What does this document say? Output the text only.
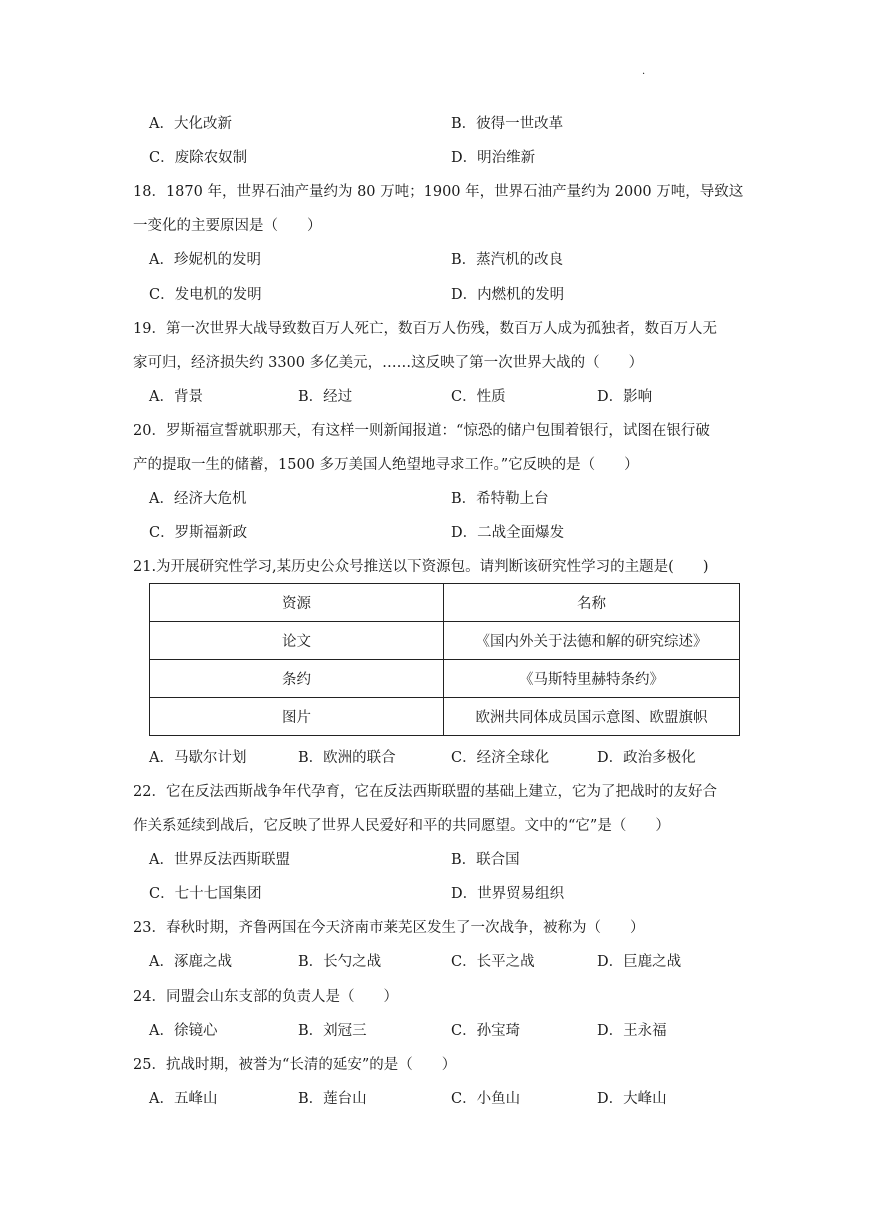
.
A．大化改新	B．彼得一世改革
C．废除农奴制	D．明治维新
18．1870 年，世界石油产量约为 80 万吨；1900 年，世界石油产量约为 2000 万吨，导致这
一变化的主要原因是（　　）
A．珍妮机的发明	B．蒸汽机的改良
C．发电机的发明	D．内燃机的发明
19．第一次世界大战导致数百万人死亡，数百万人伤残，数百万人成为孤独者，数百万人无
家可归，经济损失约 3300 多亿美元，……这反映了第一次世界大战的（　　）
A．背景	B．经过	C．性质	D．影响
20．罗斯福宣誓就职那天，有这样一则新闻报道：“惊恐的储户包围着银行，试图在银行破
产的提取一生的储蓄，1500 多万美国人绝望地寻求工作。”它反映的是（　　）
A．经济大危机	B．希特勒上台
C．罗斯福新政	D．二战全面爆发
21.为开展研究性学习,某历史公众号推送以下资源包。请判断该研究性学习的主题是(　　)
资源	名称
论文	《国内外关于法德和解的研究综述》
条约	《马斯特里赫特条约》
图片	欧洲共同体成员国示意图、欧盟旗帜
A．马歇尔计划	B．欧洲的联合	C．经济全球化	D．政治多极化
22．它在反法西斯战争年代孕育，它在反法西斯联盟的基础上建立，它为了把战时的友好合
作关系延续到战后，它反映了世界人民爱好和平的共同愿望。文中的“它”是（　　）
A．世界反法西斯联盟	B．联合国
C．七十七国集团	D．世界贸易组织
23．春秋时期，齐鲁两国在今天济南市莱芜区发生了一次战争，被称为（　　）
A．涿鹿之战	B．长勺之战	C．长平之战	D．巨鹿之战
24．同盟会山东支部的负责人是（　　）
A．徐镜心	B．刘冠三	C．孙宝琦	D．王永福
25．抗战时期，被誉为“长清的延安”的是（　　）
A．五峰山	B．莲台山	C．小鱼山	D．大峰山
